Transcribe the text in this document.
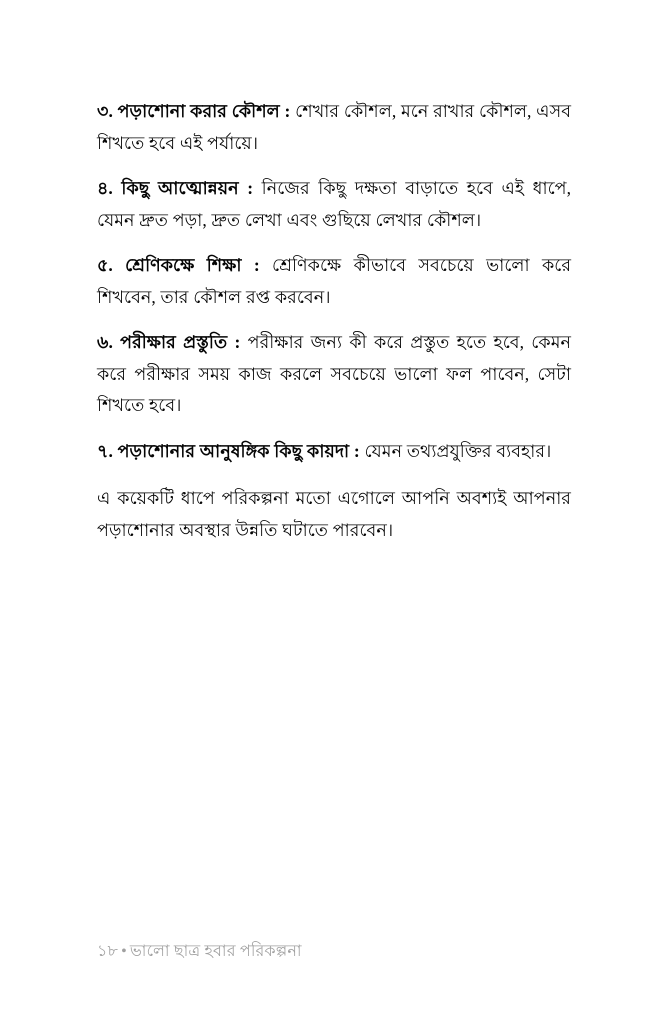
৩. পড়াশোনা করার কৌশল : শেখার কৌশল, মনে রাখার কৌশল, এসব শিখতে হবে এই পর্যায়ে।

৪. কিছু আত্মোন্নয়ন : নিজের কিছু দক্ষতা বাড়াতে হবে এই ধাপে, যেমন দ্রুত পড়া, দ্রুত লেখা এবং গুছিয়ে লেখার কৌশল।

৫. শ্রেণিকক্ষে শিক্ষা : শ্রেণিকক্ষে কীভাবে সবচেয়ে ভালো করে শিখবেন, তার কৌশল রপ্ত করবেন।

৬. পরীক্ষার প্রস্তুতি : পরীক্ষার জন্য কী করে প্রস্তুত হতে হবে, কেমন করে পরীক্ষার সময় কাজ করলে সবচেয়ে ভালো ফল পাবেন, সেটা শিখতে হবে।

৭. পড়াশোনার আনুষঙ্গিক কিছু কায়দা : যেমন তথ্যপ্রযুক্তির ব্যবহার।

এ কয়েকটি ধাপে পরিকল্পনা মতো এগোলে আপনি অবশ্যই আপনার পড়াশোনার অবস্থার উন্নতি ঘটাতে পারবেন।

১৮ • ভালো ছাত্র হবার পরিকল্পনা
